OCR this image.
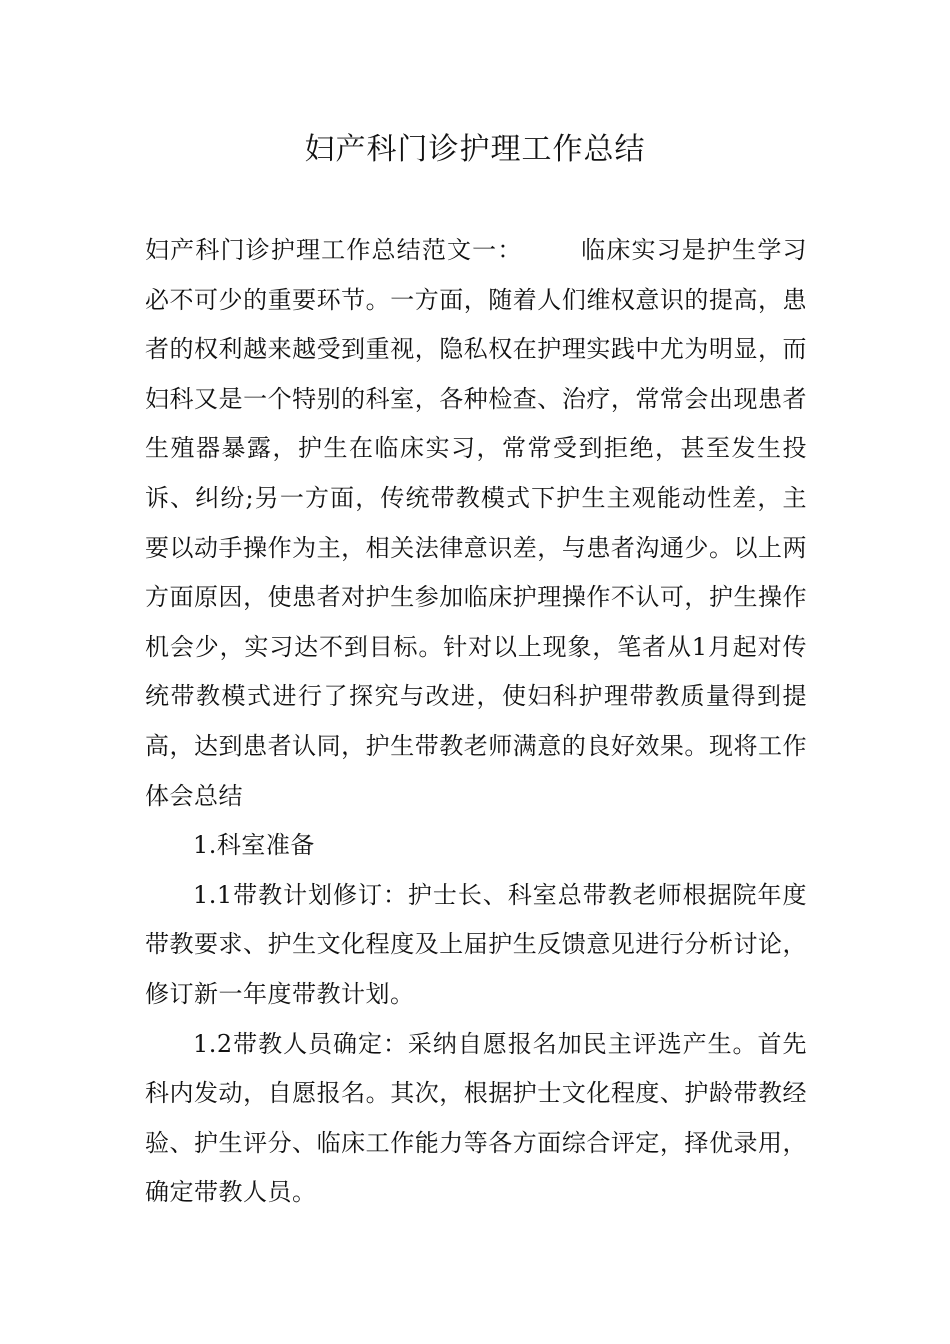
妇产科门诊护理工作总结

妇产科门诊护理工作总结范文一： 临床实习是护生学习必不可少的重要环节。一方面，随着人们维权意识的提高，患者的权利越来越受到重视，隐私权在护理实践中尤为明显，而妇科又是一个特别的科室，各种检查、治疗，常常会出现患者生殖器暴露，护生在临床实习，常常受到拒绝，甚至发生投诉、纠纷;另一方面，传统带教模式下护生主观能动性差，主要以动手操作为主，相关法律意识差，与患者沟通少。以上两方面原因，使患者对护生参加临床护理操作不认可，护生操作机会少，实习达不到目标。针对以上现象，笔者从1月起对传统带教模式进行了探究与改进，使妇科护理带教质量得到提高，达到患者认同，护生带教老师满意的良好效果。现将工作体会总结

1.科室准备

1.1带教计划修订：护士长、科室总带教老师根据院年度带教要求、护生文化程度及上届护生反馈意见进行分析讨论，修订新一年度带教计划。

1.2带教人员确定：采纳自愿报名加民主评选产生。首先科内发动，自愿报名。其次，根据护士文化程度、护龄带教经验、护生评分、临床工作能力等各方面综合评定，择优录用，确定带教人员。
